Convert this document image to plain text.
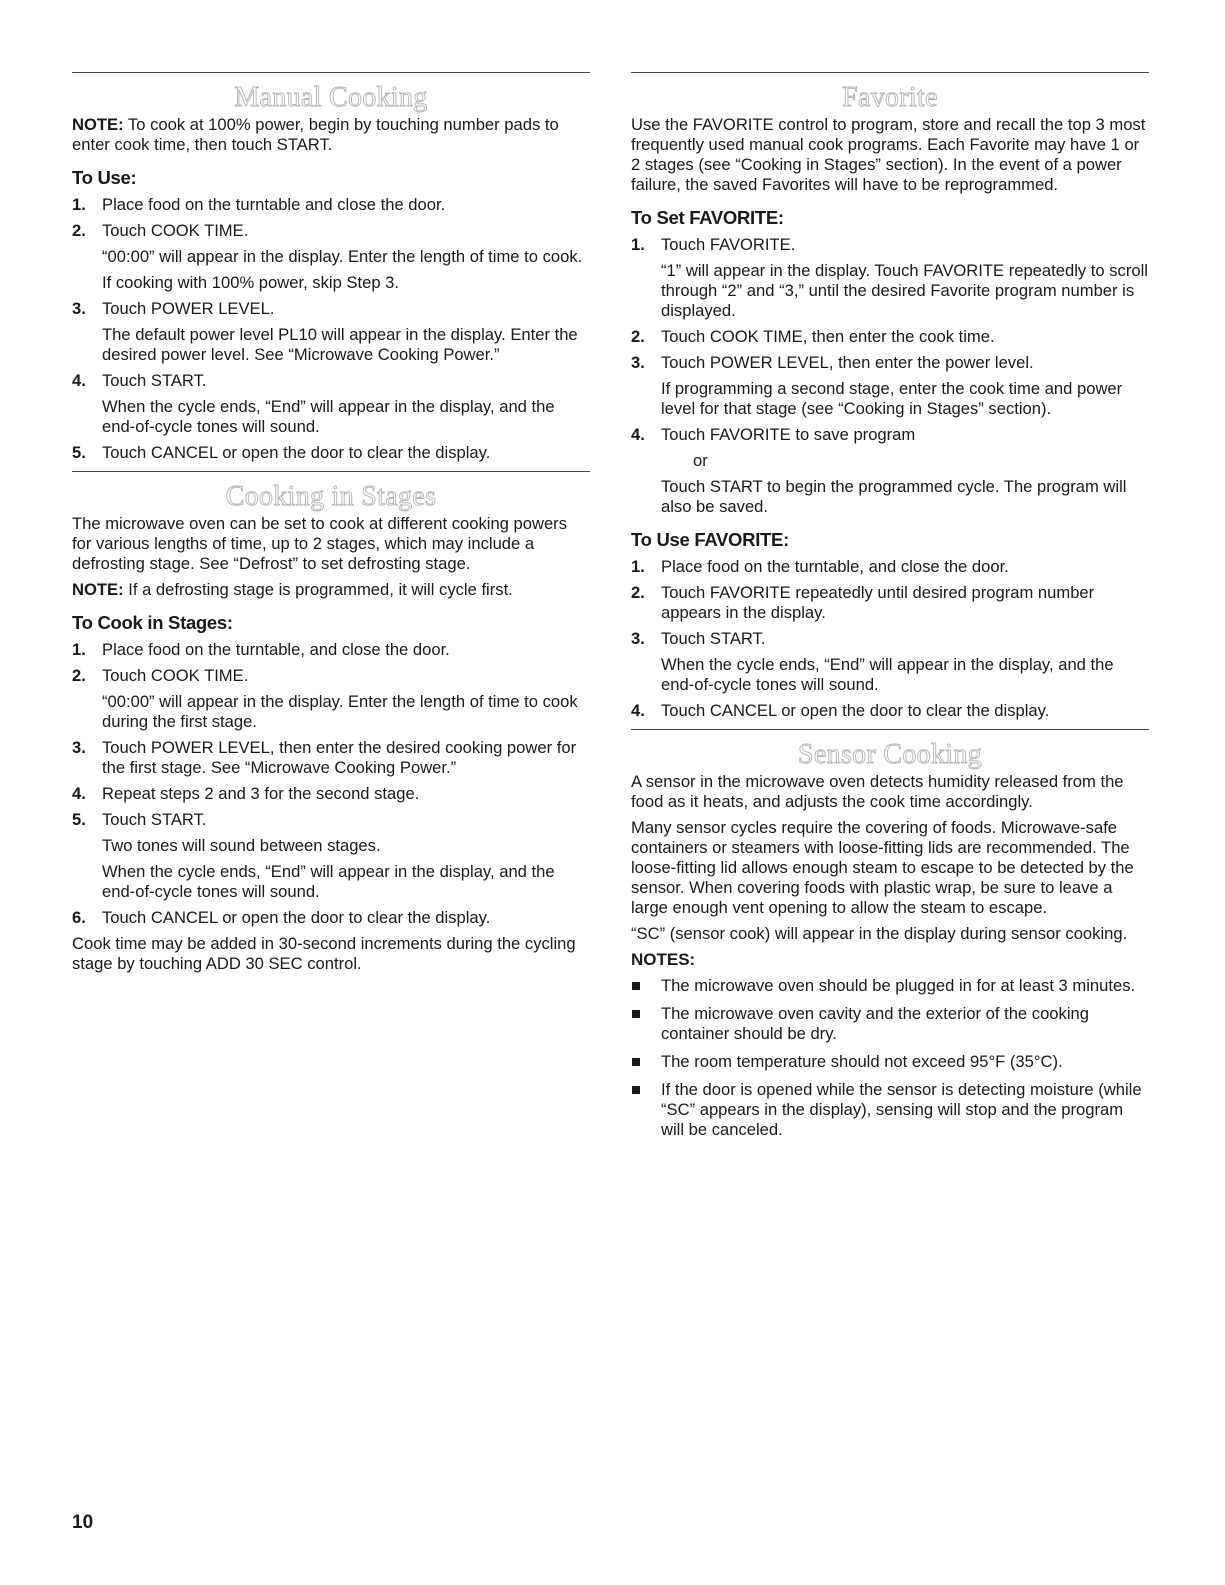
Manual Cooking

NOTE: To cook at 100% power, begin by touching number pads to enter cook time, then touch START.

To Use:
1. Place food on the turntable and close the door.
2. Touch COOK TIME.
“00:00” will appear in the display. Enter the length of time to cook.
If cooking with 100% power, skip Step 3.
3. Touch POWER LEVEL.
The default power level PL10 will appear in the display. Enter the desired power level. See “Microwave Cooking Power.”
4. Touch START.
When the cycle ends, “End” will appear in the display, and the end-of-cycle tones will sound.
5. Touch CANCEL or open the door to clear the display.
Cooking in Stages

The microwave oven can be set to cook at different cooking powers for various lengths of time, up to 2 stages, which may include a defrosting stage. See “Defrost” to set defrosting stage.

NOTE: If a defrosting stage is programmed, it will cycle first.

To Cook in Stages:
1. Place food on the turntable, and close the door.
2. Touch COOK TIME.
“00:00” will appear in the display. Enter the length of time to cook during the first stage.
3. Touch POWER LEVEL, then enter the desired cooking power for the first stage. See “Microwave Cooking Power.”
4. Repeat steps 2 and 3 for the second stage.
5. Touch START.
Two tones will sound between stages.
When the cycle ends, “End” will appear in the display, and the end-of-cycle tones will sound.
6. Touch CANCEL or open the door to clear the display.

Cook time may be added in 30-second increments during the cycling stage by touching ADD 30 SEC control.

Favorite

Use the FAVORITE control to program, store and recall the top 3 most frequently used manual cook programs. Each Favorite may have 1 or 2 stages (see “Cooking in Stages” section). In the event of a power failure, the saved Favorites will have to be reprogrammed.

To Set FAVORITE:
1. Touch FAVORITE.
“1” will appear in the display. Touch FAVORITE repeatedly to scroll through “2” and “3,” until the desired Favorite program number is displayed.
2. Touch COOK TIME, then enter the cook time.
3. Touch POWER LEVEL, then enter the power level.
If programming a second stage, enter the cook time and power level for that stage (see “Cooking in Stages” section).
4. Touch FAVORITE to save program
or
Touch START to begin the programmed cycle. The program will also be saved.
To Use FAVORITE:
1. Place food on the turntable, and close the door.
2. Touch FAVORITE repeatedly until desired program number appears in the display.
3. Touch START.
When the cycle ends, “End” will appear in the display, and the end-of-cycle tones will sound.
4. Touch CANCEL or open the door to clear the display.
Sensor Cooking

A sensor in the microwave oven detects humidity released from the food as it heats, and adjusts the cook time accordingly.

Many sensor cycles require the covering of foods. Microwave-safe containers or steamers with loose-fitting lids are recommended. The loose-fitting lid allows enough steam to escape to be detected by the sensor. When covering foods with plastic wrap, be sure to leave a large enough vent opening to allow the steam to escape.

“SC” (sensor cook) will appear in the display during sensor cooking.

NOTES:
The microwave oven should be plugged in for at least 3 minutes.
The microwave oven cavity and the exterior of the cooking container should be dry.
The room temperature should not exceed 95°F (35°C).
If the door is opened while the sensor is detecting moisture (while “SC” appears in the display), sensing will stop and the program will be canceled.
10
